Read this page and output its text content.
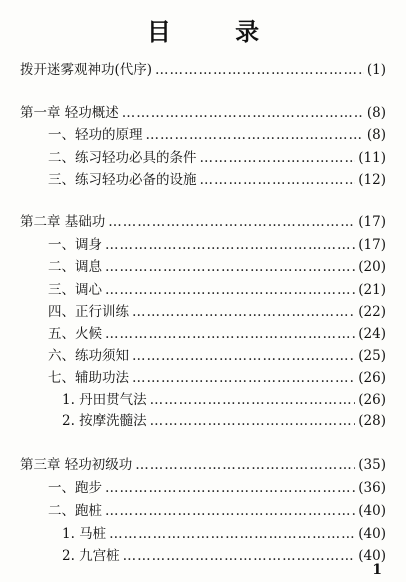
目 录
拨开迷雾观神功(代序) …………………………………………………………………………………………………………………………………	(1)
第一章 轻功概述 …………………………………………………………………………………………………………………………………	(8)
一、轻功的原理 …………………………………………………………………………………………………………………………………	(8)
二、练习轻功必具的条件 …………………………………………………………………………………………………………………………………	(11)
三、练习轻功必备的设施 …………………………………………………………………………………………………………………………………	(12)
第二章 基础功 …………………………………………………………………………………………………………………………………	(17)
一、调身 …………………………………………………………………………………………………………………………………	(17)
二、调息 …………………………………………………………………………………………………………………………………	(20)
三、调心 …………………………………………………………………………………………………………………………………	(21)
四、正行训练 …………………………………………………………………………………………………………………………………	(22)
五、火候 …………………………………………………………………………………………………………………………………	(24)
六、练功须知 …………………………………………………………………………………………………………………………………	(25)
七、辅助功法 …………………………………………………………………………………………………………………………………	(26)
1. 丹田贯气法 …………………………………………………………………………………………………………………………………	(26)
2. 按摩洗髓法 …………………………………………………………………………………………………………………………………	(28)
第三章 轻功初级功 …………………………………………………………………………………………………………………………………	(35)
一、跑步 …………………………………………………………………………………………………………………………………	(36)
二、跑桩 …………………………………………………………………………………………………………………………………	(40)
1. 马桩 …………………………………………………………………………………………………………………………………	(40)
2. 九宫桩 …………………………………………………………………………………………………………………………………	(40)
1
